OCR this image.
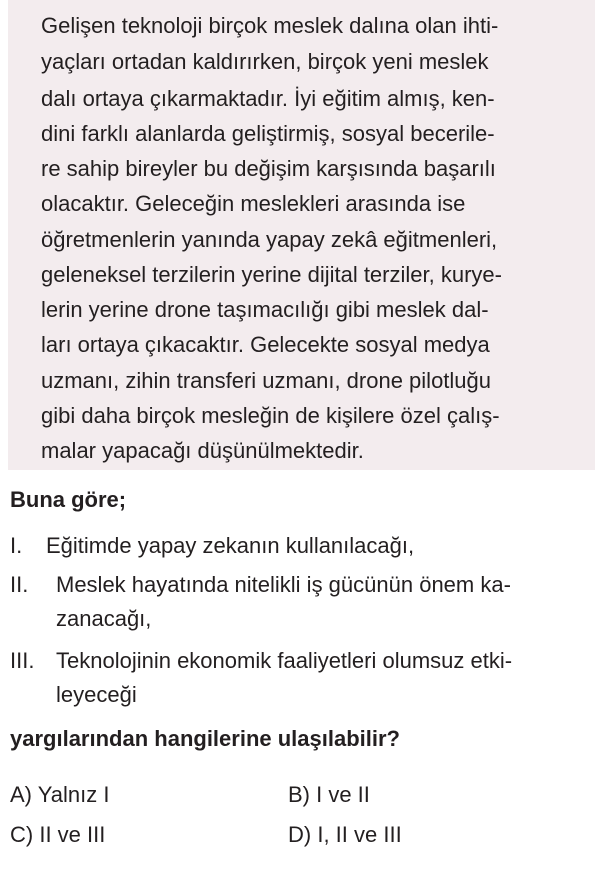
Gelişen teknoloji birçok meslek dalına olan ihti-
yaçları ortadan kaldırırken, birçok yeni meslek
dalı ortaya çıkarmaktadır. İyi eğitim almış, ken-
dini farklı alanlarda geliştirmiş, sosyal becerile-
re sahip bireyler bu değişim karşısında başarılı
olacaktır. Geleceğin meslekleri arasında ise
öğretmenlerin yanında yapay zekâ eğitmenleri,
geleneksel terzilerin yerine dijital terziler, kurye-
lerin yerine drone taşımacılığı gibi meslek dal-
ları ortaya çıkacaktır. Gelecekte sosyal medya
uzmanı, zihin transferi uzmanı, drone pilotluğu
gibi daha birçok mesleğin de kişilere özel çalış-
malar yapacağı düşünülmektedir.
Buna göre;
I. Eğitimde yapay zekanın kullanılacağı,
II. Meslek hayatında nitelikli iş gücünün önem ka-
zanacağı,
III. Teknolojinin ekonomik faaliyetleri olumsuz etki-
leyeceği
yargılarından hangilerine ulaşılabilir?
A) Yalnız I	B) I ve II
C) II ve III	D) I, II ve III
